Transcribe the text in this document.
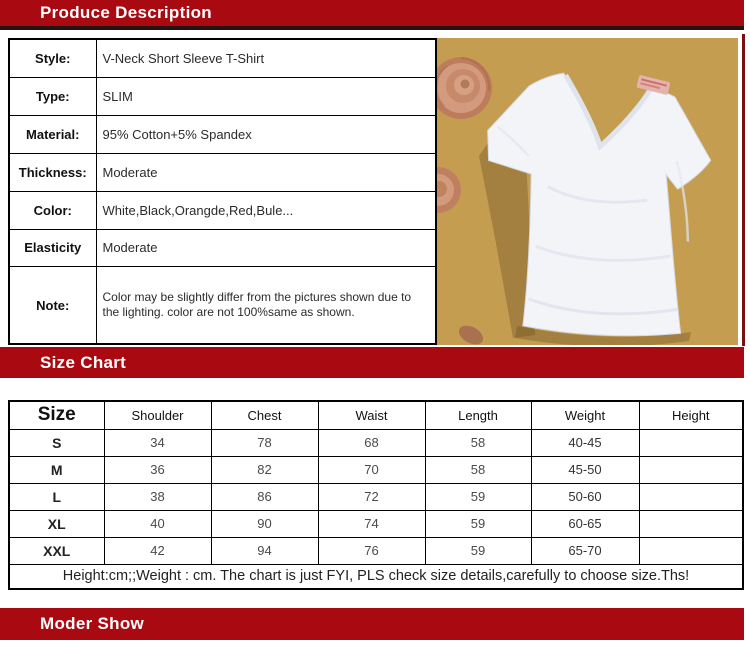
Produce Description
Style:	V-Neck Short Sleeve T-Shirt
Type:	SLIM
Material:	95% Cotton+5% Spandex
Thickness:	Moderate
Color:	White,Black,Orangde,Red,Bule...
Elasticity	Moderate
Note:	Color may be slightly differ from the pictures shown due to the lighting. color are not 100%same as shown.
Size Chart
Size	Shoulder	Chest	Waist	Length	Weight	Height
S	34	78	68	58	40-45	
M	36	82	70	58	45-50	
L	38	86	72	59	50-60	
XL	40	90	74	59	60-65	
XXL	42	94	76	59	65-70	
Height:cm;;Weight : cm. The chart is just FYI, PLS check size details,carefully to choose size.Ths!						
Moder Show
